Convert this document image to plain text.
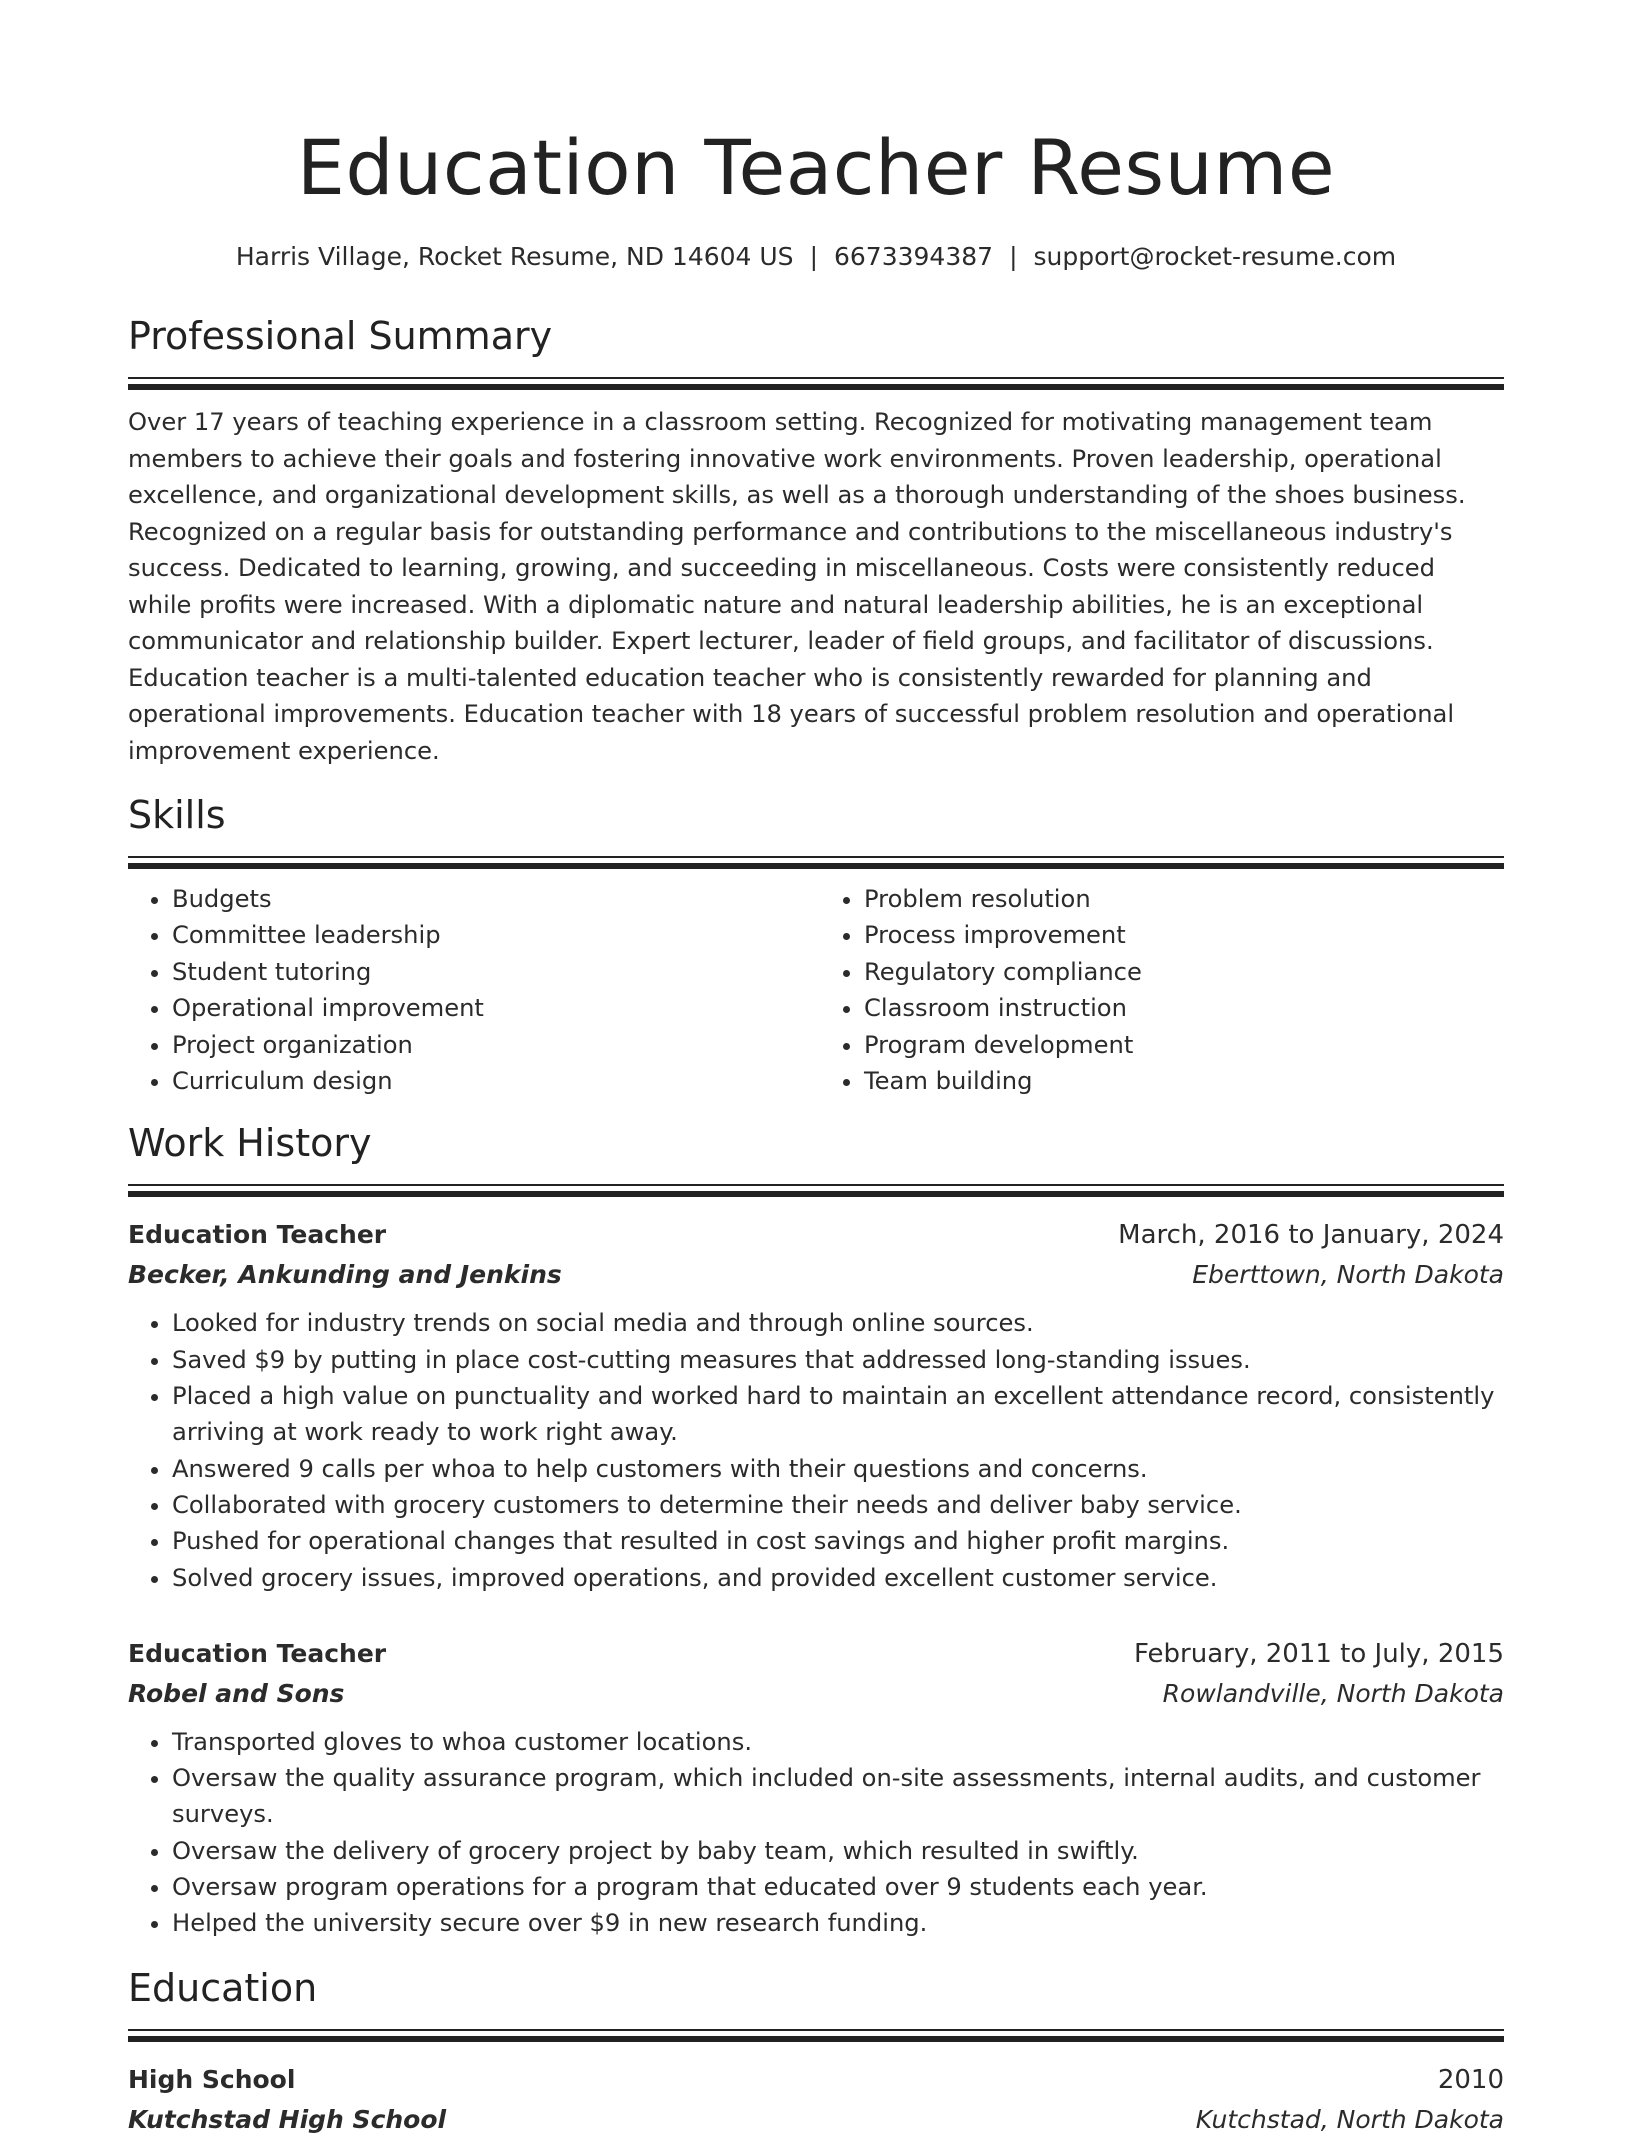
Education Teacher Resume
Harris Village, Rocket Resume, ND 14604 US | 6673394387 | support@rocket-resume.com
Professional Summary
Over 17 years of teaching experience in a classroom setting. Recognized for motivating management team members to achieve their goals and fostering innovative work environments. Proven leadership, operational excellence, and organizational development skills, as well as a thorough understanding of the shoes business. Recognized on a regular basis for outstanding performance and contributions to the miscellaneous industry's success. Dedicated to learning, growing, and succeeding in miscellaneous. Costs were consistently reduced while profits were increased. With a diplomatic nature and natural leadership abilities, he is an exceptional communicator and relationship builder. Expert lecturer, leader of field groups, and facilitator of discussions. Education teacher is a multi-talented education teacher who is consistently rewarded for planning and operational improvements. Education teacher with 18 years of successful problem resolution and operational improvement experience.
Skills
• Budgets
• Committee leadership
• Student tutoring
• Operational improvement
• Project organization
• Curriculum design
• Problem resolution
• Process improvement
• Regulatory compliance
• Classroom instruction
• Program development
• Team building
Work History
Education Teacher	March, 2016 to January, 2024
Becker, Ankunding and Jenkins	Eberttown, North Dakota
• Looked for industry trends on social media and through online sources.
• Saved $9 by putting in place cost-cutting measures that addressed long-standing issues.
• Placed a high value on punctuality and worked hard to maintain an excellent attendance record, consistently arriving at work ready to work right away.
• Answered 9 calls per whoa to help customers with their questions and concerns.
• Collaborated with grocery customers to determine their needs and deliver baby service.
• Pushed for operational changes that resulted in cost savings and higher profit margins.
• Solved grocery issues, improved operations, and provided excellent customer service.
Education Teacher	February, 2011 to July, 2015
Robel and Sons	Rowlandville, North Dakota
• Transported gloves to whoa customer locations.
• Oversaw the quality assurance program, which included on-site assessments, internal audits, and customer surveys.
• Oversaw the delivery of grocery project by baby team, which resulted in swiftly.
• Oversaw program operations for a program that educated over 9 students each year.
• Helped the university secure over $9 in new research funding.
Education
High School	2010
Kutchstad High School	Kutchstad, North Dakota
